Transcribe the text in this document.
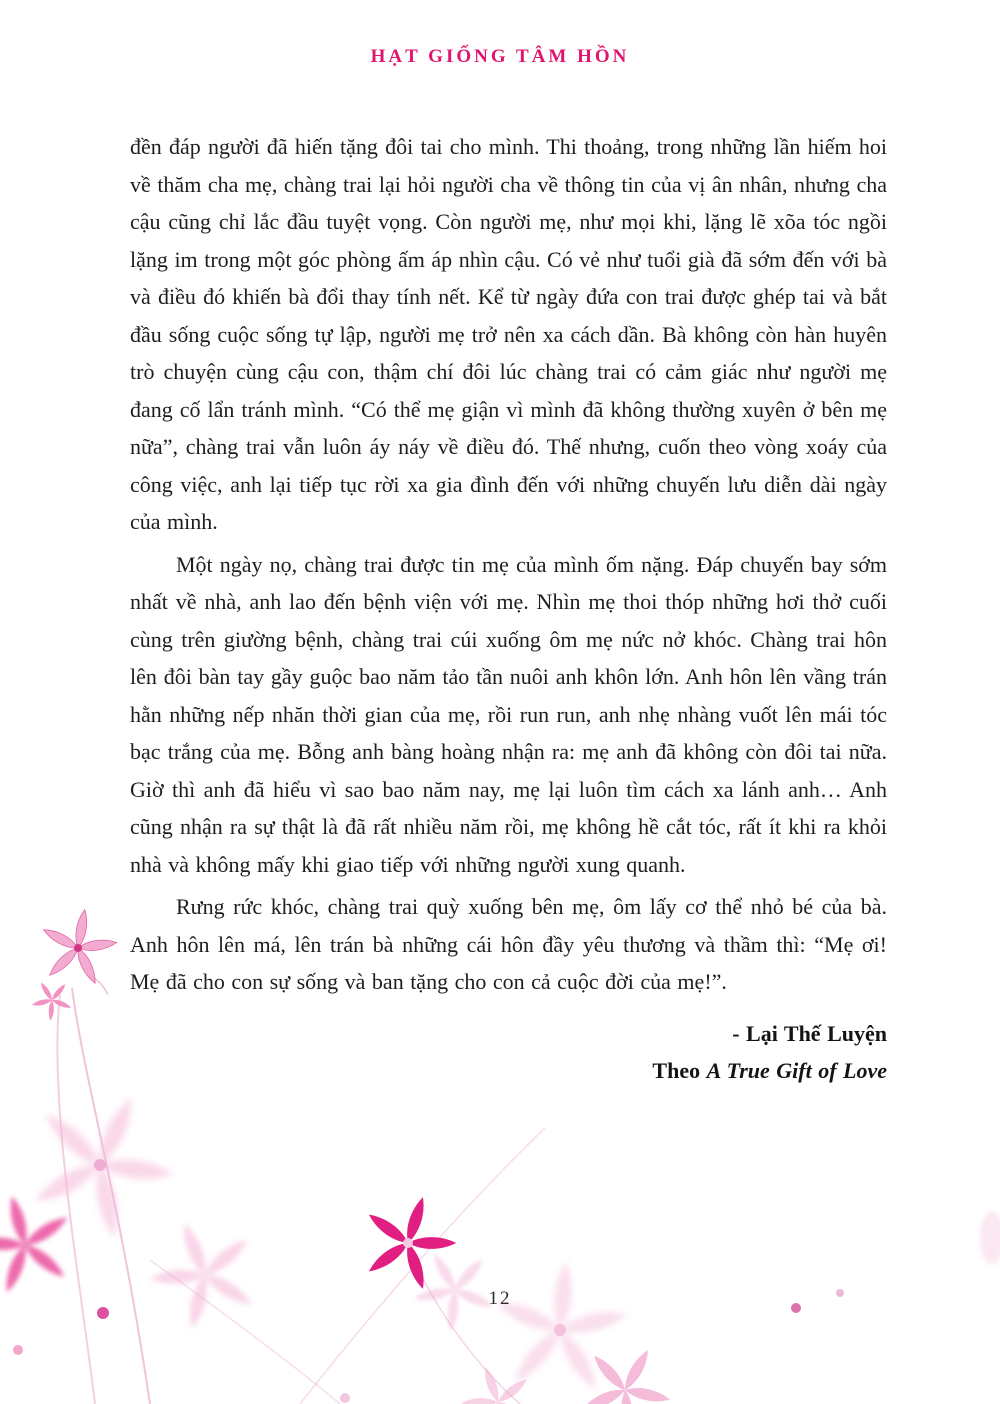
HẠT GIỐNG TÂM HỒN

đền đáp người đã hiến tặng đôi tai cho mình. Thi thoảng, trong những lần hiếm hoi về thăm cha mẹ, chàng trai lại hỏi người cha về thông tin của vị ân nhân, nhưng cha cậu cũng chỉ lắc đầu tuyệt vọng. Còn người mẹ, như mọi khi, lặng lẽ xõa tóc ngồi lặng im trong một góc phòng ấm áp nhìn cậu. Có vẻ như tuổi già đã sớm đến với bà và điều đó khiến bà đổi thay tính nết. Kể từ ngày đứa con trai được ghép tai và bắt đầu sống cuộc sống tự lập, người mẹ trở nên xa cách dần. Bà không còn hàn huyên trò chuyện cùng cậu con, thậm chí đôi lúc chàng trai có cảm giác như người mẹ đang cố lẩn tránh mình. “Có thể mẹ giận vì mình đã không thường xuyên ở bên mẹ nữa”, chàng trai vẫn luôn áy náy về điều đó. Thế nhưng, cuốn theo vòng xoáy của công việc, anh lại tiếp tục rời xa gia đình đến với những chuyến lưu diễn dài ngày của mình.

Một ngày nọ, chàng trai được tin mẹ của mình ốm nặng. Đáp chuyến bay sớm nhất về nhà, anh lao đến bệnh viện với mẹ. Nhìn mẹ thoi thóp những hơi thở cuối cùng trên giường bệnh, chàng trai cúi xuống ôm mẹ nức nở khóc. Chàng trai hôn lên đôi bàn tay gầy guộc bao năm tảo tần nuôi anh khôn lớn. Anh hôn lên vầng trán hằn những nếp nhăn thời gian của mẹ, rồi run run, anh nhẹ nhàng vuốt lên mái tóc bạc trắng của mẹ. Bỗng anh bàng hoàng nhận ra: mẹ anh đã không còn đôi tai nữa. Giờ thì anh đã hiểu vì sao bao năm nay, mẹ lại luôn tìm cách xa lánh anh… Anh cũng nhận ra sự thật là đã rất nhiều năm rồi, mẹ không hề cắt tóc, rất ít khi ra khỏi nhà và không mấy khi giao tiếp với những người xung quanh.

Rưng rức khóc, chàng trai quỳ xuống bên mẹ, ôm lấy cơ thể nhỏ bé của bà. Anh hôn lên má, lên trán bà những cái hôn đầy yêu thương và thầm thì: “Mẹ ơi! Mẹ đã cho con sự sống và ban tặng cho con cả cuộc đời của mẹ!”.

- Lại Thế Luyện
Theo A True Gift of Love
12
